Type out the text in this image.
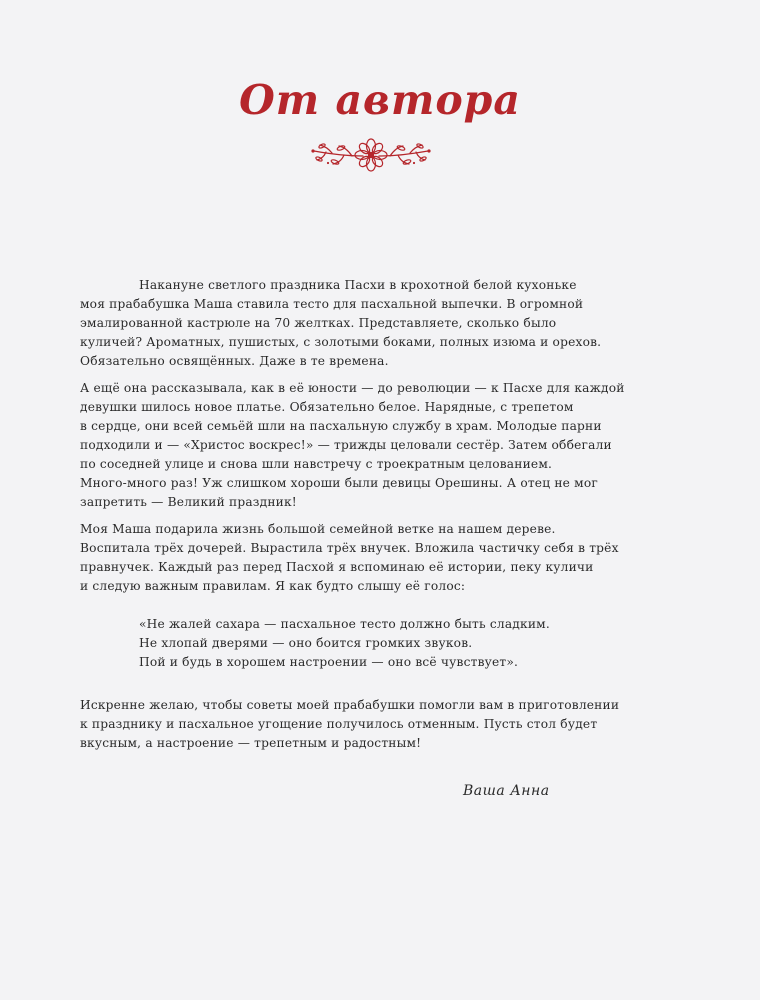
От автора

Накануне светлого праздника Пасхи в крохотной белой кухоньке
моя прабабушка Маша ставила тесто для пасхальной выпечки. В огромной
эмалированной кастрюле на 70 желтках. Представляете, сколько было
куличей? Ароматных, пушистых, с золотыми боками, полных изюма и орехов.
Обязательно освящённых. Даже в те времена.

А ещё она рассказывала, как в её юности — до революции — к Пасхе для каждой
девушки шилось новое платье. Обязательно белое. Нарядные, с трепетом
в сердце, они всей семьёй шли на пасхальную службу в храм. Молодые парни
подходили и — «Христос воскрес!» — трижды целовали сестёр. Затем оббегали
по соседней улице и снова шли навстречу с троекратным целованием.
Много-много раз! Уж слишком хороши были девицы Орешины. А отец не мог
запретить — Великий праздник!

Моя Маша подарила жизнь большой семейной ветке на нашем дереве.
Воспитала трёх дочерей. Вырастила трёх внучек. Вложила частичку себя в трёх
правнучек. Каждый раз перед Пасхой я вспоминаю её истории, пеку куличи
и следую важным правилам. Я как будто слышу её голос:

«Не жалей сахара — пасхальное тесто должно быть сладким.
Не хлопай дверями — оно боится громких звуков.
Пой и будь в хорошем настроении — оно всё чувствует».

Искренне желаю, чтобы советы моей прабабушки помогли вам в приготовлении
к празднику и пасхальное угощение получилось отменным. Пусть стол будет
вкусным, а настроение — трепетным и радостным!

Ваша Анна
